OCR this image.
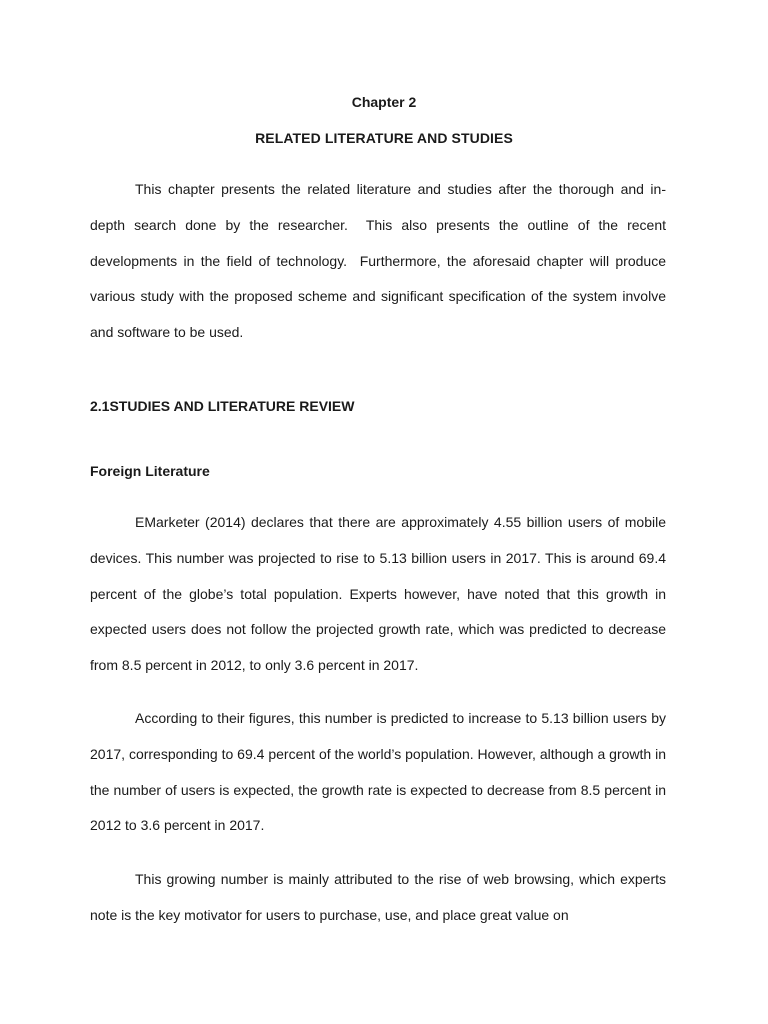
Chapter 2
RELATED LITERATURE AND STUDIES

This chapter presents the related literature and studies after the thorough and in-depth search done by the researcher.  This also presents the outline of the recent developments in the field of technology.  Furthermore, the aforesaid chapter will produce various study with the proposed scheme and significant specification of the system involve and software to be used.

2.1STUDIES AND LITERATURE REVIEW
Foreign Literature

EMarketer (2014) declares that there are approximately 4.55 billion users of mobile devices. This number was projected to rise to 5.13 billion users in 2017. This is around 69.4 percent of the globe’s total population. Experts however, have noted that this growth in expected users does not follow the projected growth rate, which was predicted to decrease from 8.5 percent in 2012, to only 3.6 percent in 2017.

According to their figures, this number is predicted to increase to 5.13 billion users by 2017, corresponding to 69.4 percent of the world’s population. However, although a growth in the number of users is expected, the growth rate is expected to decrease from 8.5 percent in 2012 to 3.6 percent in 2017.

This growing number is mainly attributed to the rise of web browsing, which experts note is the key motivator for users to purchase, use, and place great value on
